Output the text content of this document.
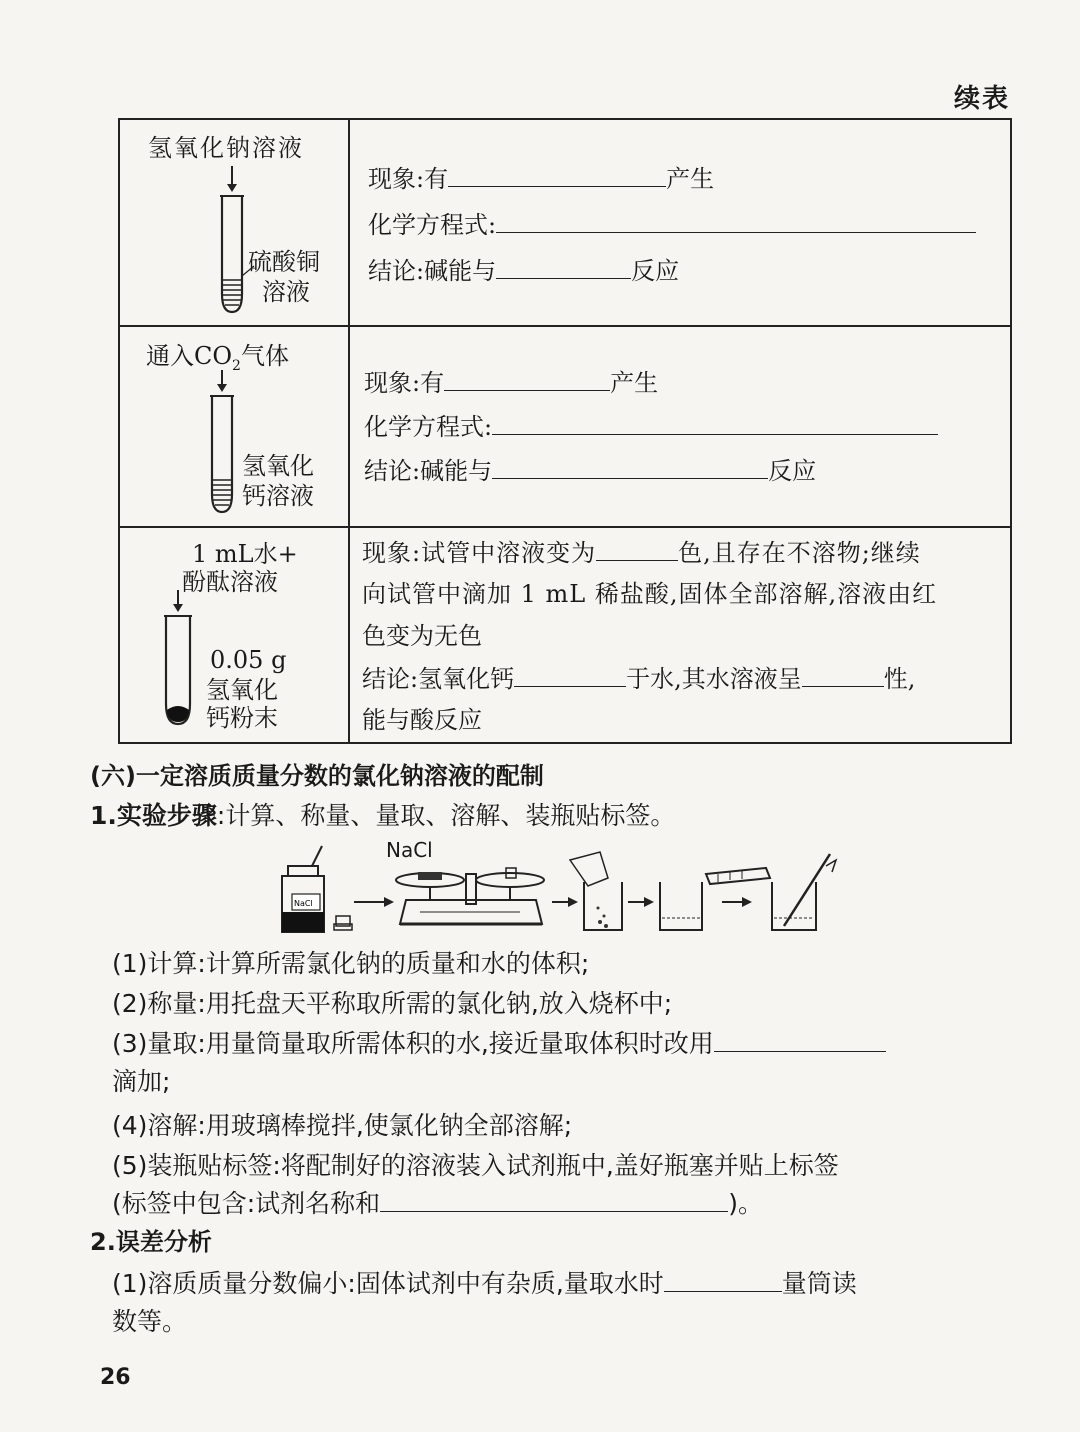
续表
氢氧化钠溶液
硫酸铜
溶液
现象:有	产生
化学方程式:
结论:碱能与	反应
通入$CO_2$气体
氢氧化
钙溶液
现象:有	产生
化学方程式:
结论:碱能与	反应
1 mL水+
酚酞溶液
0.05 g
氢氧化
钙粉末
现象:试管中溶液变为	色,且存在不溶物;继续
向试管中滴加 1 mL 稀盐酸,固体全部溶解,溶液由红
色变为无色
结论:氢氧化钙	于水,其水溶液呈	性,
能与酸反应
(六)一定溶质质量分数的氯化钠溶液的配制
1.实验步骤:计算、称量、量取、溶解、装瓶贴标签。
NaCl
NaCl
(1)计算:计算所需氯化钠的质量和水的体积;
(2)称量:用托盘天平称取所需的氯化钠,放入烧杯中;
(3)量取:用量筒量取所需体积的水,接近量取体积时改用
滴加;
(4)溶解:用玻璃棒搅拌,使氯化钠全部溶解;
(5)装瓶贴标签:将配制好的溶液装入试剂瓶中,盖好瓶塞并贴上标签
(标签中包含:试剂名称和	)。
2.误差分析
(1)溶质质量分数偏小:固体试剂中有杂质,量取水时	量筒读
数等。
26
